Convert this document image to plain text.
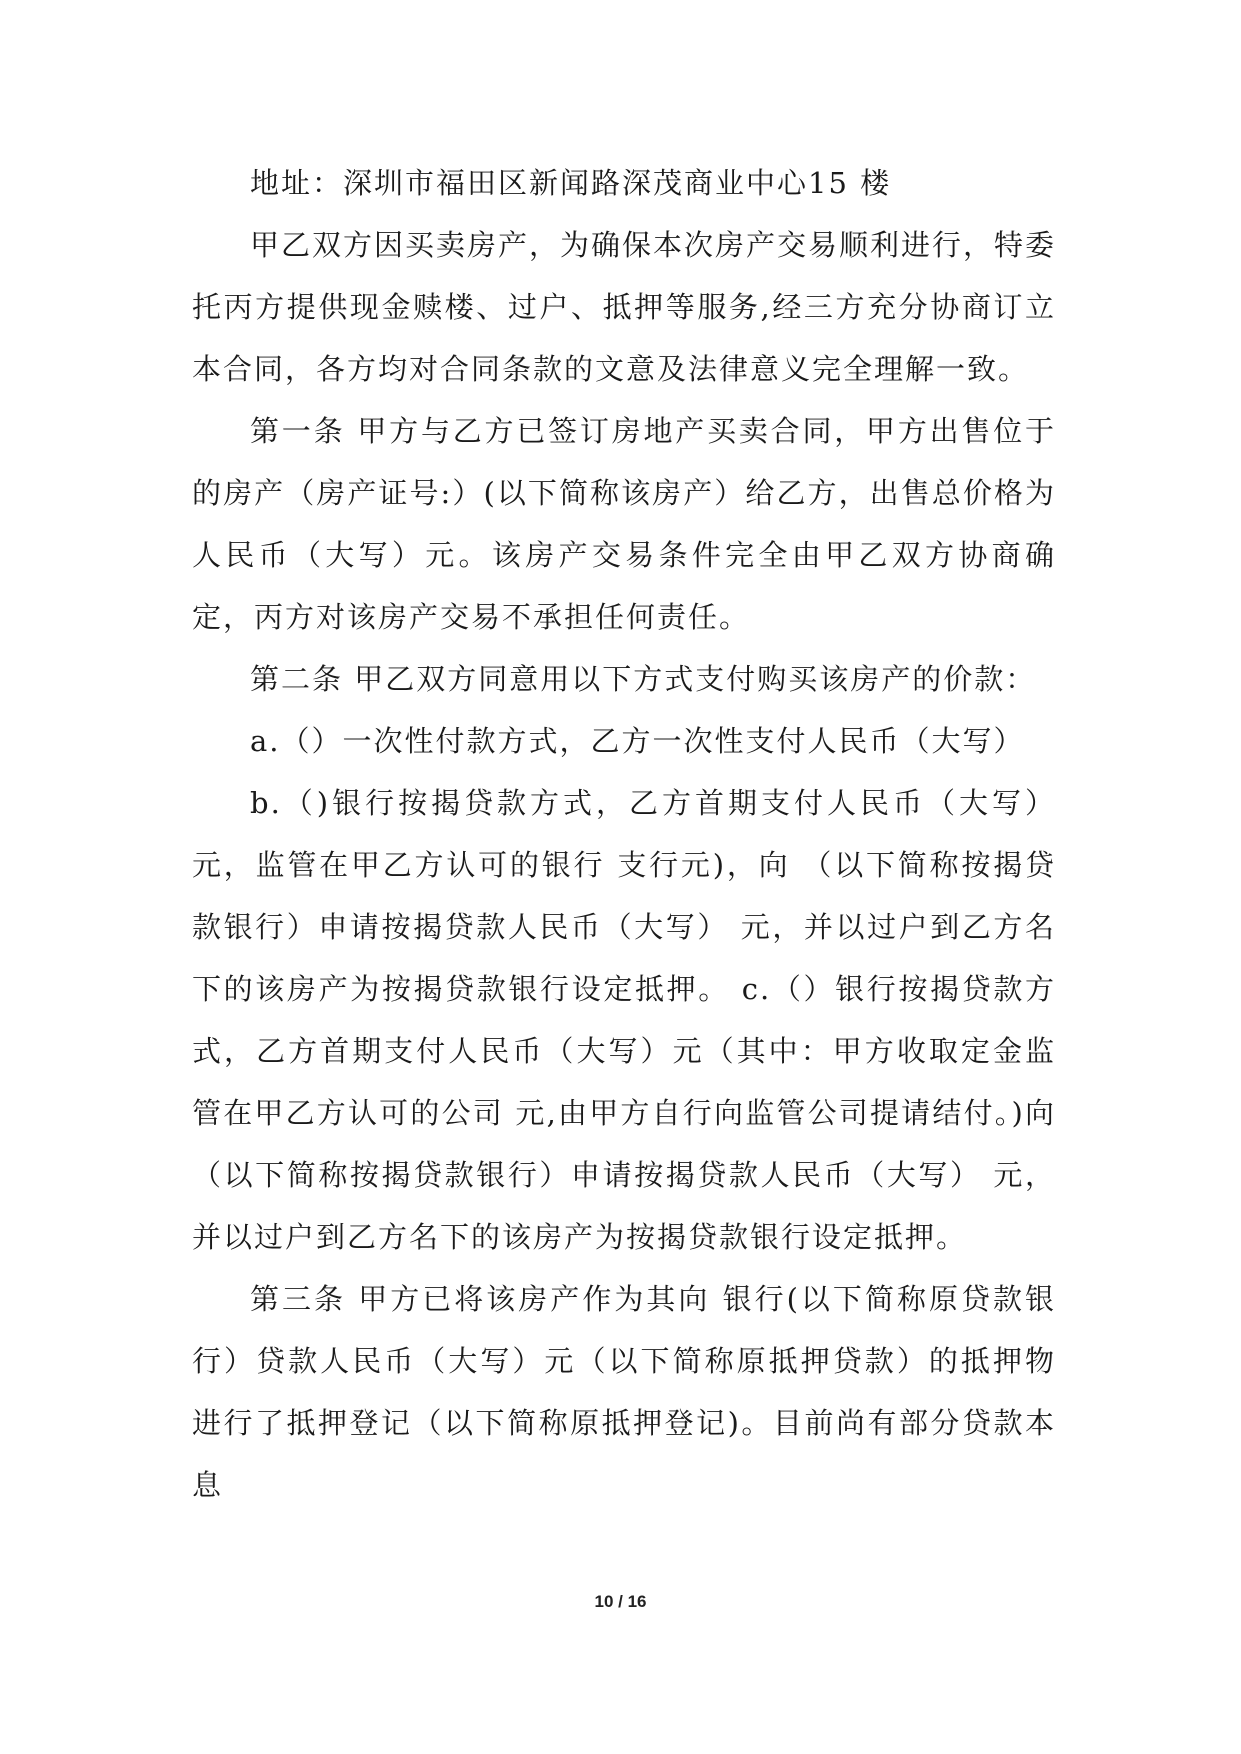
地址：深圳市福田区新闻路深茂商业中心15 楼

甲乙双方因买卖房产，为确保本次房产交易顺利进行，特委托丙方提供现金赎楼、过户、抵押等服务,经三方充分协商订立本合同，各方均对合同条款的文意及法律意义完全理解一致。

第一条 甲方与乙方已签订房地产买卖合同，甲方出售位于的房产（房产证号:）(以下简称该房产）给乙方，出售总价格为人民币（大写）元。该房产交易条件完全由甲乙双方协商确定，丙方对该房产交易不承担任何责任。

第二条 甲乙双方同意用以下方式支付购买该房产的价款：

a.（）一次性付款方式，乙方一次性支付人民币（大写）

b.（)银行按揭贷款方式，乙方首期支付人民币（大写）元，监管在甲乙方认可的银行 支行元)，向 （以下简称按揭贷款银行）申请按揭贷款人民币（大写） 元，并以过户到乙方名下的该房产为按揭贷款银行设定抵押。 c.（）银行按揭贷款方式，乙方首期支付人民币（大写）元（其中：甲方收取定金监管在甲乙方认可的公司 元,由甲方自行向监管公司提请结付。)向 （以下简称按揭贷款银行）申请按揭贷款人民币（大写） 元，并以过户到乙方名下的该房产为按揭贷款银行设定抵押。

第三条 甲方已将该房产作为其向 银行(以下简称原贷款银行）贷款人民币（大写）元（以下简称原抵押贷款）的抵押物进行了抵押登记（以下简称原抵押登记)。目前尚有部分贷款本息

10 / 16
